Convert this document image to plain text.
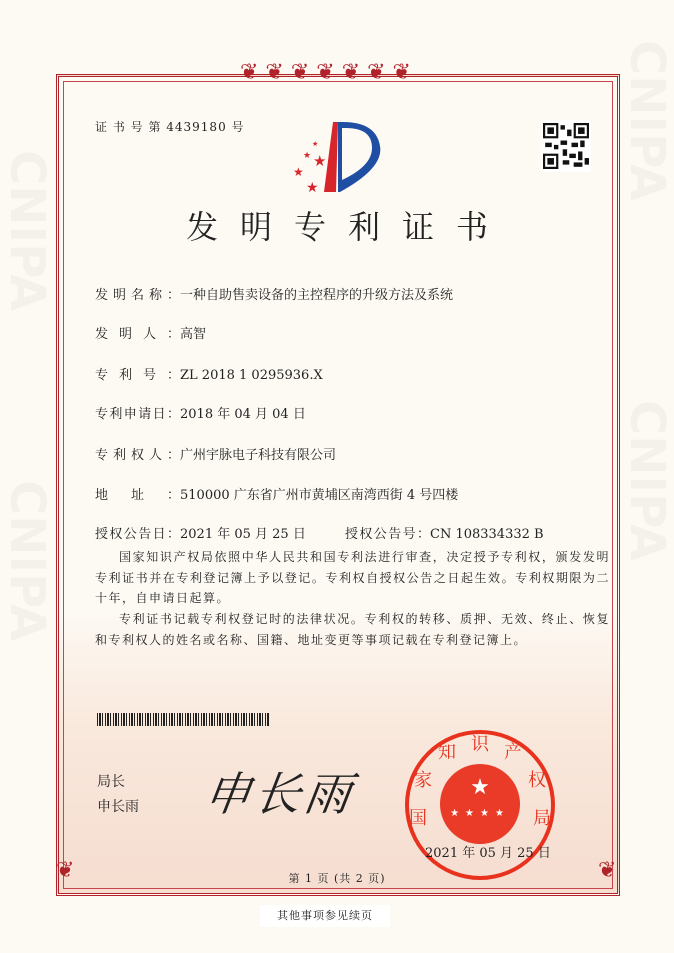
❦ ❦ ❦ ❦ ❦ ❦ ❦
❦	❦
证 书 号 第 4439180 号
★
★ ★
★
★
发明专利证书
发明名称：一种自助售卖设备的主控程序的升级方法及系统
发明人：高智
专利号：ZL 2018 1 0295936.X
专利申请日：2018 年 04 月 04 日
专利权人：广州宇脉电子科技有限公司
地址：510000 广东省广州市黄埔区南湾西街 4 号四楼
授权公告日：2021 年 05 月 25 日	授权公告号：CN 108334332 B

国家知识产权局依照中华人民共和国专利法进行审查，决定授予专利权，颁发发明专利证书并在专利登记簿上予以登记。专利权自授权公告之日起生效。专利权期限为二十年，自申请日起算。

专利证书记载专利权登记时的法律状况。专利权的转移、质押、无效、终止、恢复和专利权人的姓名或名称、国籍、地址变更等事项记载在专利登记簿上。

局长
申长雨 申长雨	★
★★★★
国
家
知 识 产
权
局
2021 年 05 月 25 日
第 1 页 (共 2 页)
其他事项参见续页
